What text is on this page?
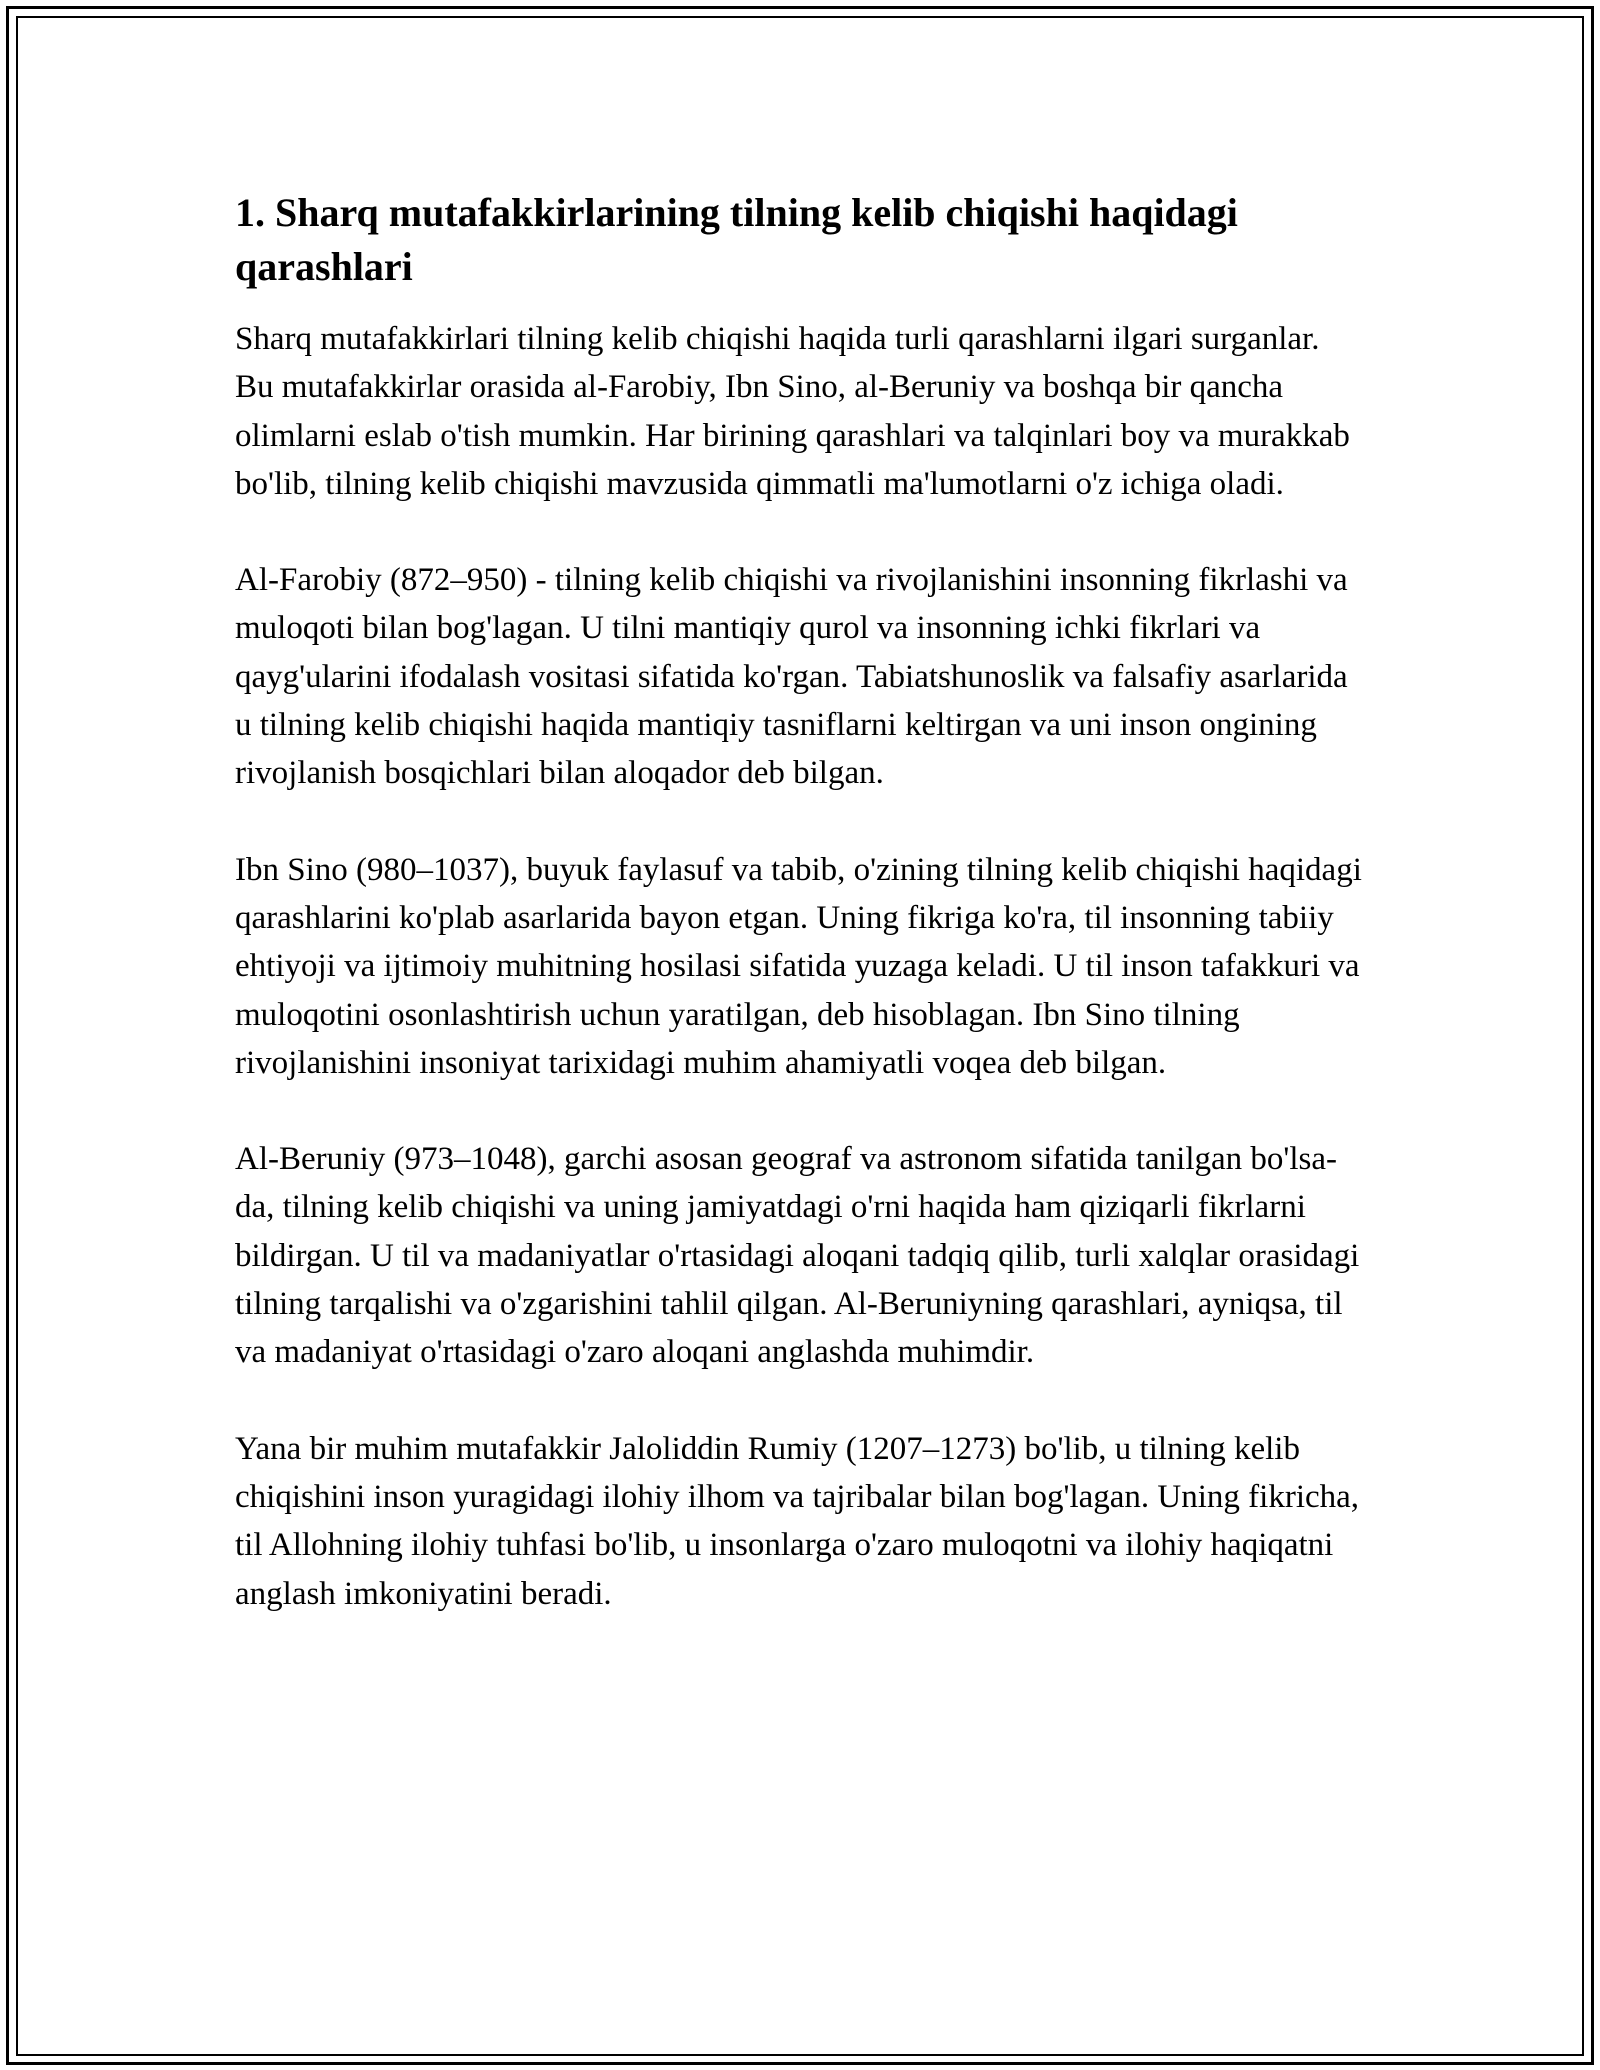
1. Sharq mutafakkirlarining tilning kelib chiqishi haqidagi qarashlari

Sharq mutafakkirlari tilning kelib chiqishi haqida turli qarashlarni ilgari surganlar. Bu mutafakkirlar orasida al-Farobiy, Ibn Sino, al-Beruniy va boshqa bir qancha olimlarni eslab o'tish mumkin. Har birining qarashlari va talqinlari boy va murakkab bo'lib, tilning kelib chiqishi mavzusida qimmatli ma'lumotlarni o'z ichiga oladi.

Al-Farobiy (872–950) - tilning kelib chiqishi va rivojlanishini insonning fikrlashi va muloqoti bilan bog'lagan. U tilni mantiqiy qurol va insonning ichki fikrlari va qayg'ularini ifodalash vositasi sifatida ko'rgan. Tabiatshunoslik va falsafiy asarlarida u tilning kelib chiqishi haqida mantiqiy tasniflarni keltirgan va uni inson ongining rivojlanish bosqichlari bilan aloqador deb bilgan.

Ibn Sino (980–1037), buyuk faylasuf va tabib, o'zining tilning kelib chiqishi haqidagi qarashlarini ko'plab asarlarida bayon etgan. Uning fikriga ko'ra, til insonning tabiiy ehtiyoji va ijtimoiy muhitning hosilasi sifatida yuzaga keladi. U til inson tafakkuri va muloqotini osonlashtirish uchun yaratilgan, deb hisoblagan. Ibn Sino tilning rivojlanishini insoniyat tarixidagi muhim ahamiyatli voqea deb bilgan.

Al-Beruniy (973–1048), garchi asosan geograf va astronom sifatida tanilgan bo'lsa-da, tilning kelib chiqishi va uning jamiyatdagi o'rni haqida ham qiziqarli fikrlarni bildirgan. U til va madaniyatlar o'rtasidagi aloqani tadqiq qilib, turli xalqlar orasidagi tilning tarqalishi va o'zgarishini tahlil qilgan. Al-Beruniyning qarashlari, ayniqsa, til va madaniyat o'rtasidagi o'zaro aloqani anglashda muhimdir.

Yana bir muhim mutafakkir Jaloliddin Rumiy (1207–1273) bo'lib, u tilning kelib chiqishini inson yuragidagi ilohiy ilhom va tajribalar bilan bog'lagan. Uning fikricha, til Allohning ilohiy tuhfasi bo'lib, u insonlarga o'zaro muloqotni va ilohiy haqiqatni anglash imkoniyatini beradi.
